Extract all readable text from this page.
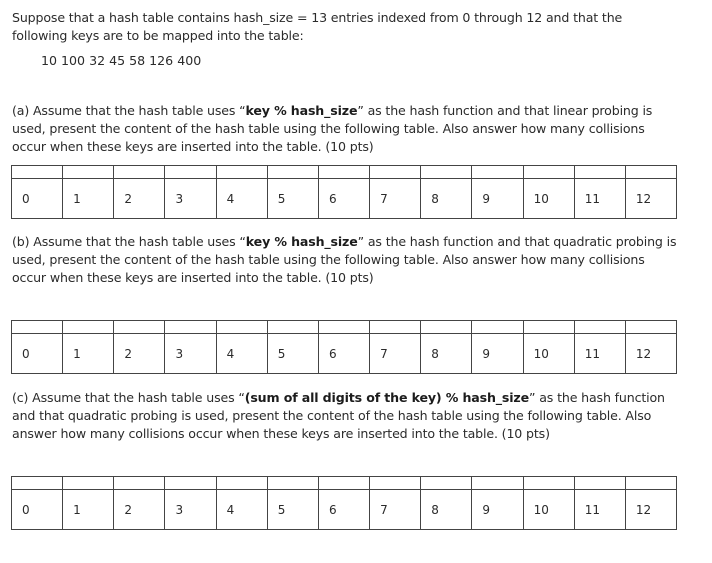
Suppose that a hash table contains hash_size = 13 entries indexed from 0 through 12 and that the following keys are to be mapped into the table:

10 100 32 45 58 126 400

(a) Assume that the hash table uses “key % hash_size” as the hash function and that linear probing is used, present the content of the hash table using the following table. Also answer how many collisions occur when these keys are inserted into the table. (10 pts)

0	1	2	3	4	5	6	7	8	9	10	11	12

(b) Assume that the hash table uses “key % hash_size” as the hash function and that quadratic probing is used, present the content of the hash table using the following table. Also answer how many collisions occur when these keys are inserted into the table. (10 pts)

0	1	2	3	4	5	6	7	8	9	10	11	12

(c) Assume that the hash table uses “(sum of all digits of the key) % hash_size” as the hash function and that quadratic probing is used, present the content of the hash table using the following table. Also answer how many collisions occur when these keys are inserted into the table. (10 pts)

0	1	2	3	4	5	6	7	8	9	10	11	12
